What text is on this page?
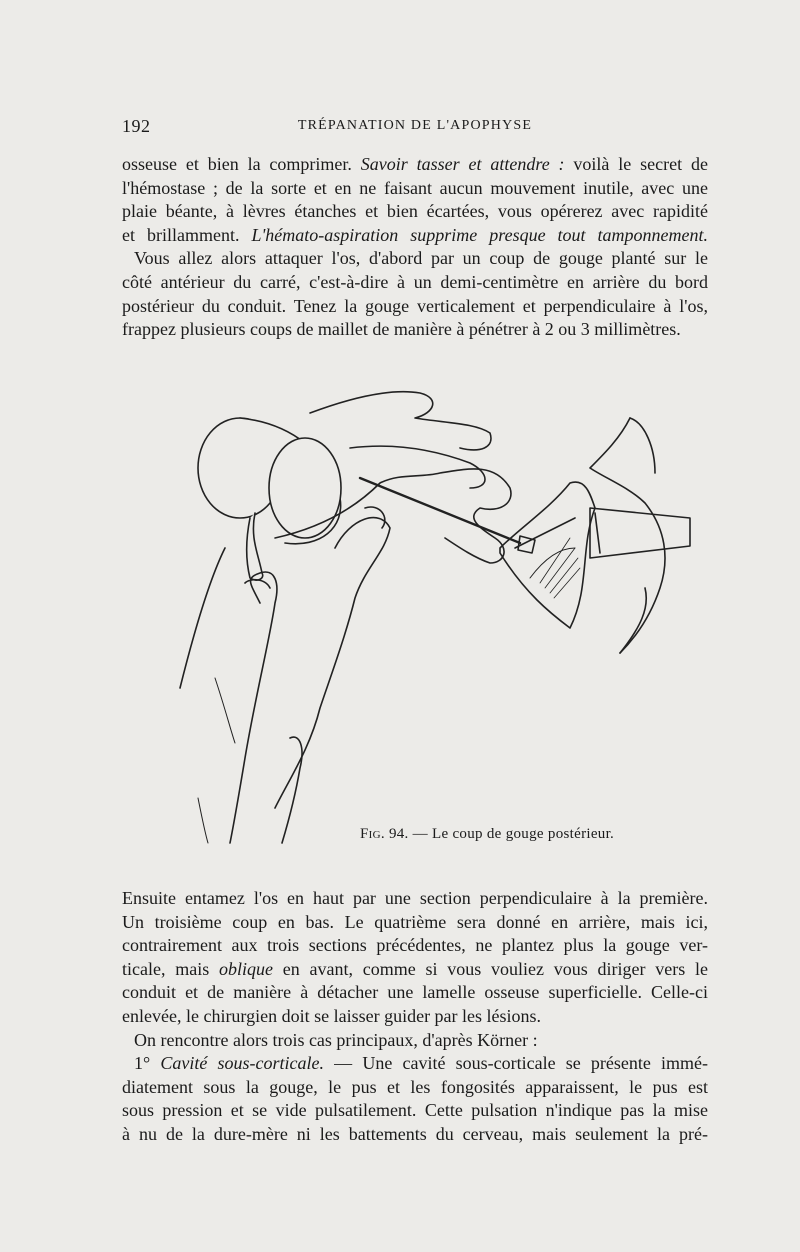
192	TRÉPANATION DE L'APOPHYSE
osseuse et bien la comprimer. Savoir tasser et attendre : voilà le secret de
l'hémostase ; de la sorte et en ne faisant aucun mouvement inutile, avec une
plaie béante, à lèvres étanches et bien écartées, vous opérerez avec rapidité
et brillamment. L'hémato-aspiration supprime presque tout tamponnement.
Vous allez alors attaquer l'os, d'abord par un coup de gouge planté sur le
côté antérieur du carré, c'est-à-dire à un demi-centimètre en arrière du bord
postérieur du conduit. Tenez la gouge verticalement et perpendiculaire à l'os,
frappez plusieurs coups de maillet de manière à pénétrer à 2 ou 3 millimètres.
Fig. 94. — Le coup de gouge postérieur.
Ensuite entamez l'os en haut par une section perpendiculaire à la première.
Un troisième coup en bas. Le quatrième sera donné en arrière, mais ici,
contrairement aux trois sections précédentes, ne plantez plus la gouge ver-
ticale, mais oblique en avant, comme si vous vouliez vous diriger vers le
conduit et de manière à détacher une lamelle osseuse superficielle. Celle-ci
enlevée, le chirurgien doit se laisser guider par les lésions.
On rencontre alors trois cas principaux, d'après Körner :
1° Cavité sous-corticale. — Une cavité sous-corticale se présente immé-
diatement sous la gouge, le pus et les fongosités apparaissent, le pus est
sous pression et se vide pulsatilement. Cette pulsation n'indique pas la mise
à nu de la dure-mère ni les battements du cerveau, mais seulement la pré-
